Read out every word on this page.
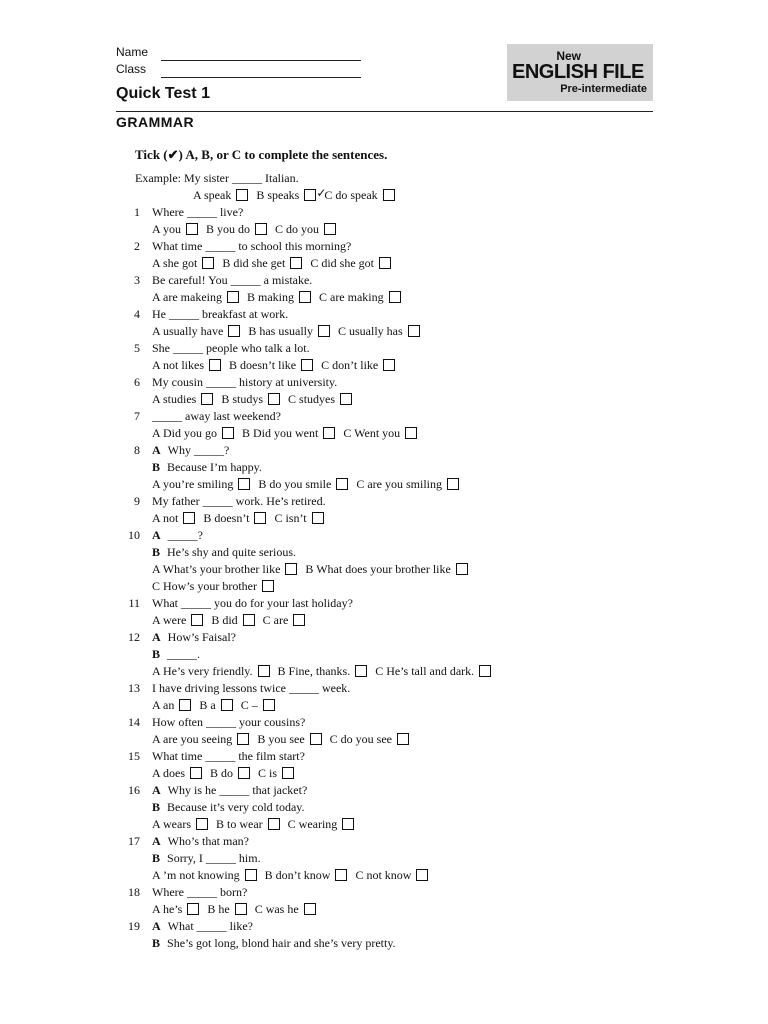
Name
Class
New
ENGLISH FILE
Pre-intermediate
Quick Test 1
GRAMMAR
Tick (✔) A, B, or C to complete the sentences.
Example: My sister _____ Italian.
A speak B speaks ✓
C do speak
1 Where _____ live?
A you B you do C do you
2 What time _____ to school this morning?
A she got B did she get C did she got
3 Be careful! You _____ a mistake.
A are makeing B making C are making
4 He _____ breakfast at work.
A usually have B has usually C usually has
5 She _____ people who talk a lot.
A not likes B doesn’t like C don’t like
6 My cousin _____ history at university.
A studies B studys C studyes
7 _____ away last weekend?
A Did you go B Did you went C Went you
8 A Why _____?
B Because I’m happy.
A you’re smiling B do you smile C are you smiling
9 My father _____ work. He’s retired.
A not B doesn’t C isn’t
10 A _____?
B He’s shy and quite serious.
A What’s your brother like B What does your brother like
C How’s your brother
11 What _____ you do for your last holiday?
A were B did C are
12 A How’s Faisal?
B _____.
A He’s very friendly. B Fine, thanks. C He’s tall and dark.
13 I have driving lessons twice _____ week.
A an B a C –
14 How often _____ your cousins?
A are you seeing B you see C do you see
15 What time _____ the film start?
A does B do C is
16 A Why is he _____ that jacket?
B Because it’s very cold today.
A wears B to wear C wearing
17 A Who’s that man?
B Sorry, I _____ him.
A ’m not knowing B don’t know C not know
18 Where _____ born?
A he’s B he C was he
19 A What _____ like?
B She’s got long, blond hair and she’s very pretty.
